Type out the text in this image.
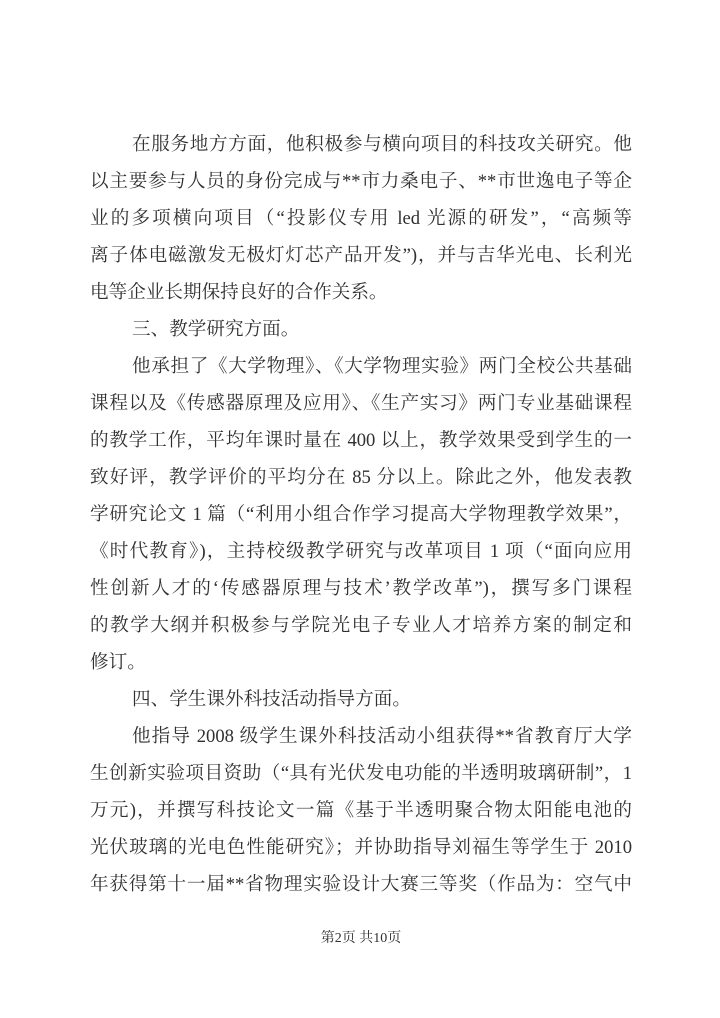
在服务地方方面，他积极参与横向项目的科技攻关研究。他
以主要参与人员的身份完成与**市力桑电子、**市世逸电子等企
业的多项横向项目（“投影仪专用 led 光源的研发”，“高频等
离子体电磁激发无极灯灯芯产品开发”)，并与吉华光电、长利光
电等企业长期保持良好的合作关系。
三、教学研究方面。
他承担了《大学物理》、《大学物理实验》两门全校公共基础
课程以及《传感器原理及应用》、《生产实习》两门专业基础课程
的教学工作，平均年课时量在 400 以上，教学效果受到学生的一
致好评，教学评价的平均分在 85 分以上。除此之外，他发表教
学研究论文 1 篇（“利用小组合作学习提高大学物理教学效果”，
《时代教育》)，主持校级教学研究与改革项目 1 项（“面向应用
性创新人才的‘传感器原理与技术’教学改革”)，撰写多门课程
的教学大纲并积极参与学院光电子专业人才培养方案的制定和
修订。
四、学生课外科技活动指导方面。
他指导 2008 级学生课外科技活动小组获得**省教育厅大学
生创新实验项目资助（“具有光伏发电功能的半透明玻璃研制”，1
万元)，并撰写科技论文一篇《基于半透明聚合物太阳能电池的
光伏玻璃的光电色性能研究》；并协助指导刘福生等学生于 2010
年获得第十一届**省物理实验设计大赛三等奖（作品为：空气中
第2页 共10页
